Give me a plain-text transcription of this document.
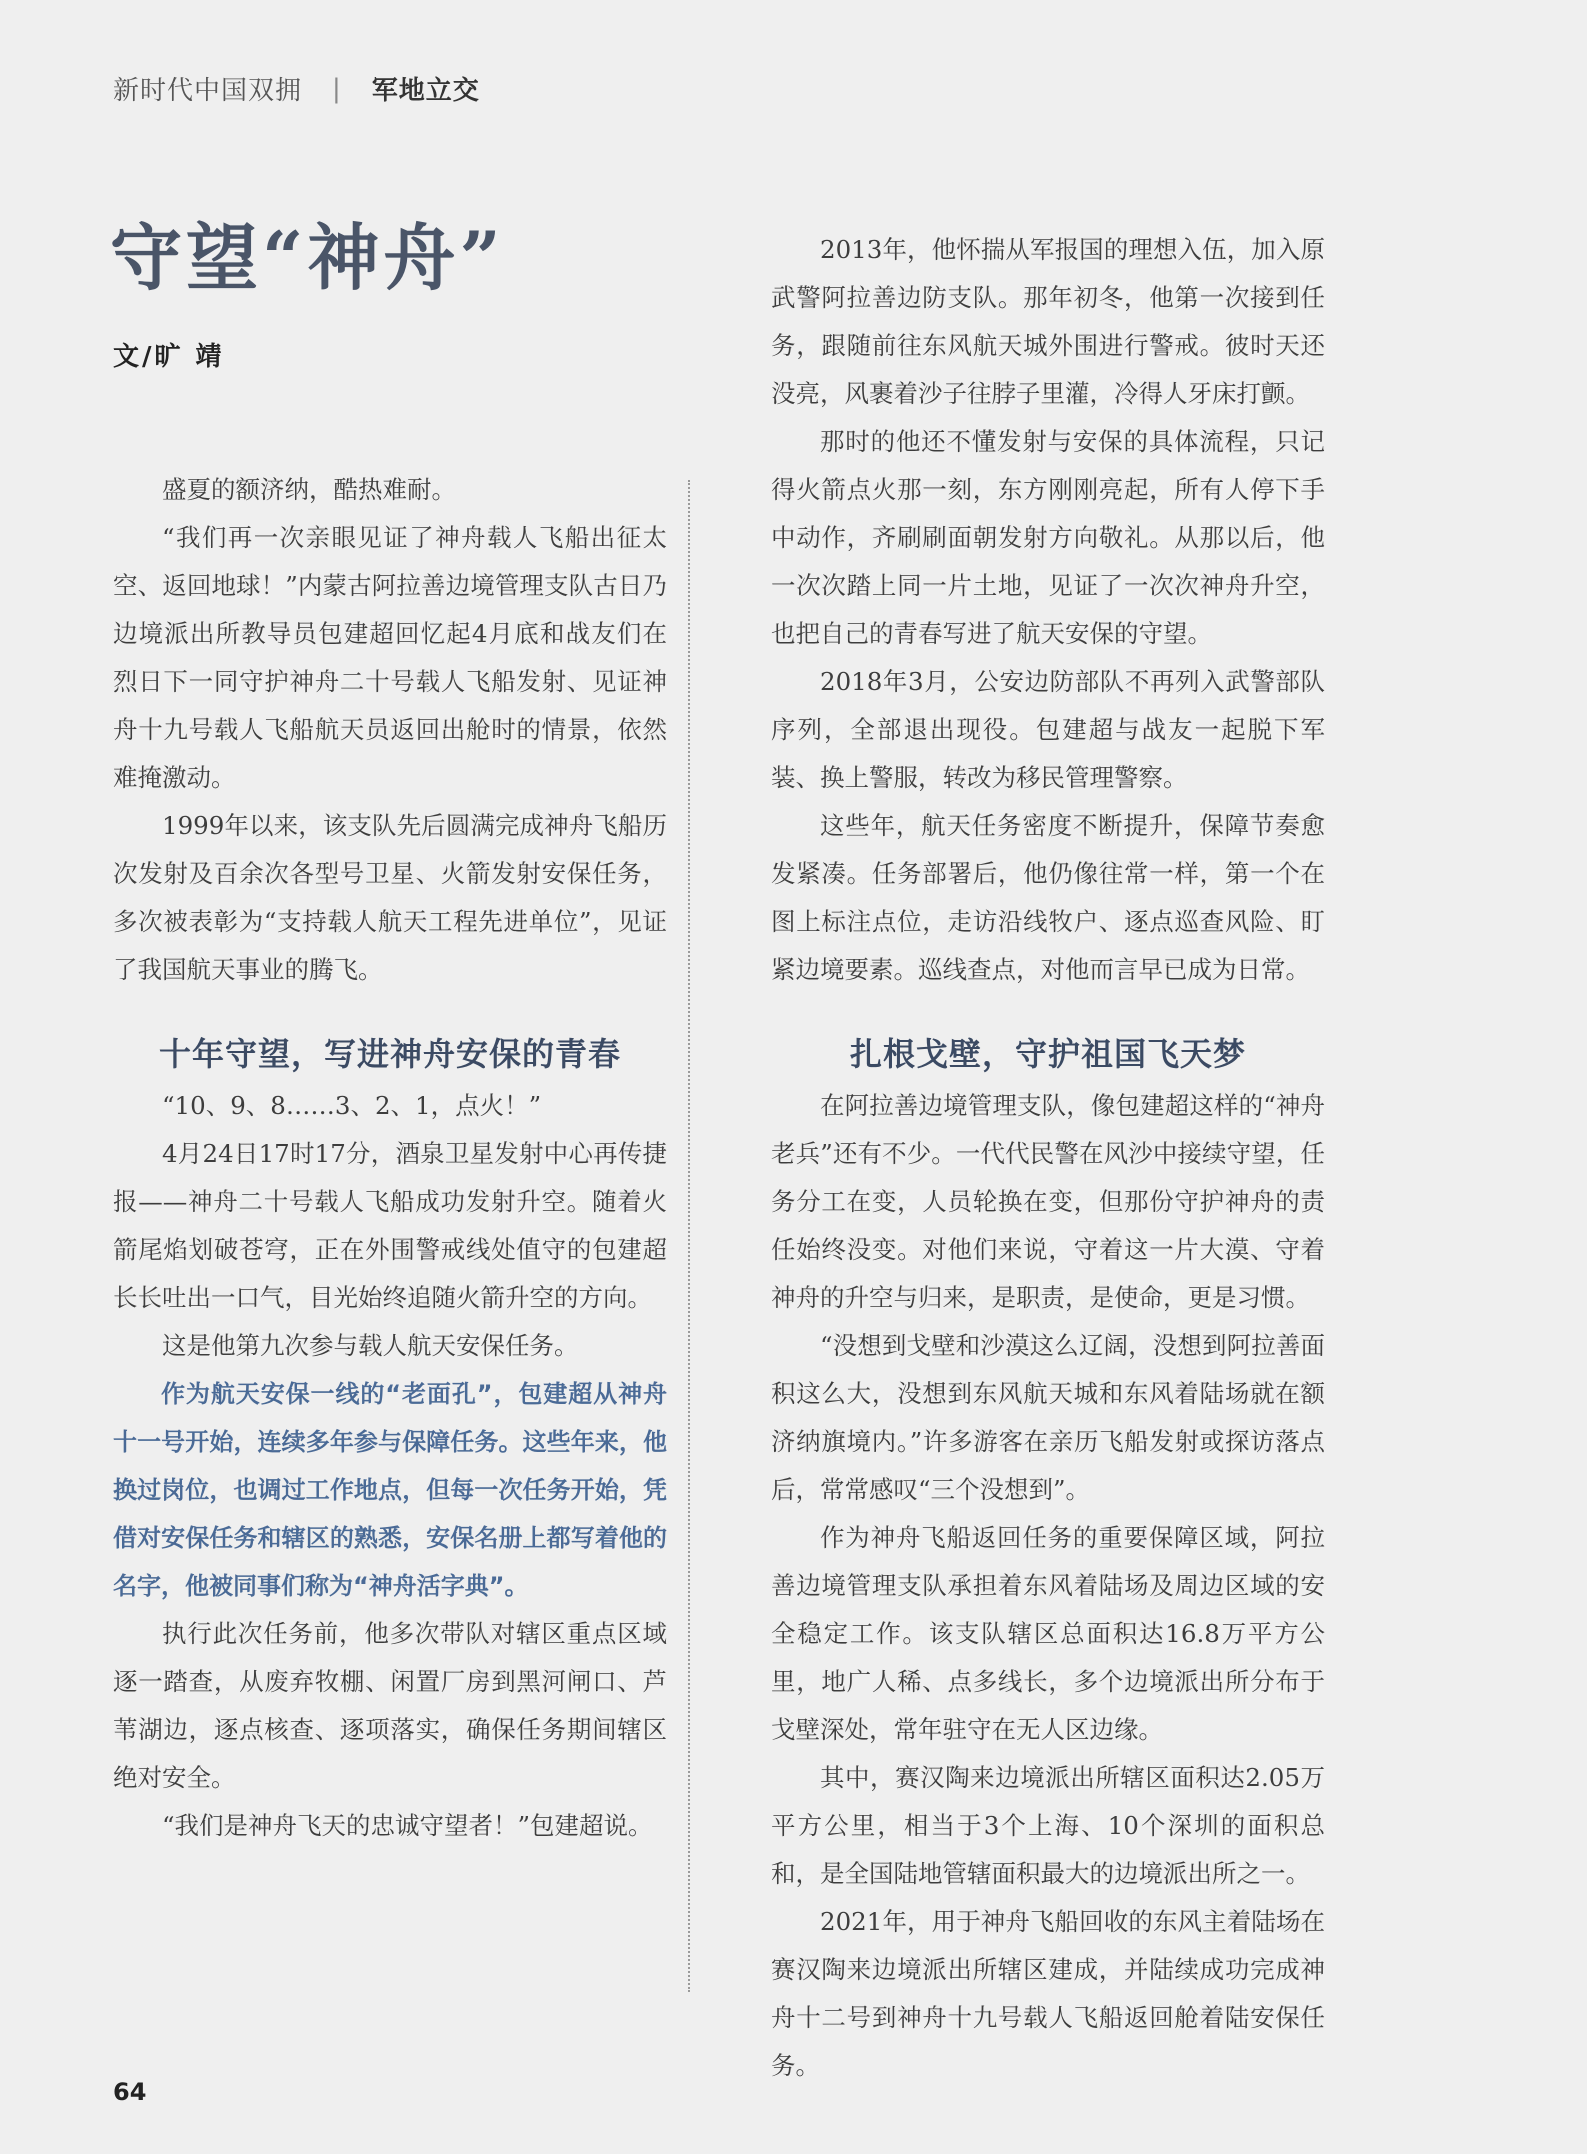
新时代中国双拥 | 军地立交
守望“神舟”
文/旷 靖

盛夏的额济纳，酷热难耐。

“我们再一次亲眼见证了神舟载人飞船出征太空、返回地球！”内蒙古阿拉善边境管理支队古日乃边境派出所教导员包建超回忆起4月底和战友们在烈日下一同守护神舟二十号载人飞船发射、见证神舟十九号载人飞船航天员返回出舱时的情景，依然难掩激动。

1999年以来，该支队先后圆满完成神舟飞船历次发射及百余次各型号卫星、火箭发射安保任务，多次被表彰为“支持载人航天工程先进单位”，见证了我国航天事业的腾飞。

十年守望，写进神舟安保的青春

“10、9、8……3、2、1，点火！”

4月24日17时17分，酒泉卫星发射中心再传捷报——神舟二十号载人飞船成功发射升空。随着火箭尾焰划破苍穹，正在外围警戒线处值守的包建超长长吐出一口气，目光始终追随火箭升空的方向。

这是他第九次参与载人航天安保任务。

作为航天安保一线的“老面孔”，包建超从神舟十一号开始，连续多年参与保障任务。这些年来，他换过岗位，也调过工作地点，但每一次任务开始，凭借对安保任务和辖区的熟悉，安保名册上都写着他的名字，他被同事们称为“神舟活字典”。

执行此次任务前，他多次带队对辖区重点区域逐一踏查，从废弃牧棚、闲置厂房到黑河闸口、芦苇湖边，逐点核查、逐项落实，确保任务期间辖区绝对安全。

“我们是神舟飞天的忠诚守望者！”包建超说。

2013年，他怀揣从军报国的理想入伍，加入原武警阿拉善边防支队。那年初冬，他第一次接到任务，跟随前往东风航天城外围进行警戒。彼时天还没亮，风裹着沙子往脖子里灌，冷得人牙床打颤。

那时的他还不懂发射与安保的具体流程，只记得火箭点火那一刻，东方刚刚亮起，所有人停下手中动作，齐刷刷面朝发射方向敬礼。从那以后，他一次次踏上同一片土地，见证了一次次神舟升空，也把自己的青春写进了航天安保的守望。

2018年3月，公安边防部队不再列入武警部队序列，全部退出现役。包建超与战友一起脱下军装、换上警服，转改为移民管理警察。

这些年，航天任务密度不断提升，保障节奏愈发紧凑。任务部署后，他仍像往常一样，第一个在图上标注点位，走访沿线牧户、逐点巡查风险、盯紧边境要素。巡线查点，对他而言早已成为日常。

扎根戈壁，守护祖国飞天梦

在阿拉善边境管理支队，像包建超这样的“神舟老兵”还有不少。一代代民警在风沙中接续守望，任务分工在变，人员轮换在变，但那份守护神舟的责任始终没变。对他们来说，守着这一片大漠、守着神舟的升空与归来，是职责，是使命，更是习惯。

“没想到戈壁和沙漠这么辽阔，没想到阿拉善面积这么大，没想到东风航天城和东风着陆场就在额济纳旗境内。”许多游客在亲历飞船发射或探访落点后，常常感叹“三个没想到”。

作为神舟飞船返回任务的重要保障区域，阿拉善边境管理支队承担着东风着陆场及周边区域的安全稳定工作。该支队辖区总面积达16.8万平方公里，地广人稀、点多线长，多个边境派出所分布于戈壁深处，常年驻守在无人区边缘。

其中，赛汉陶来边境派出所辖区面积达2.05万平方公里，相当于3个上海、10个深圳的面积总和，是全国陆地管辖面积最大的边境派出所之一。

2021年，用于神舟飞船回收的东风主着陆场在赛汉陶来边境派出所辖区建成，并陆续成功完成神舟十二号到神舟十九号载人飞船返回舱着陆安保任务。

64
